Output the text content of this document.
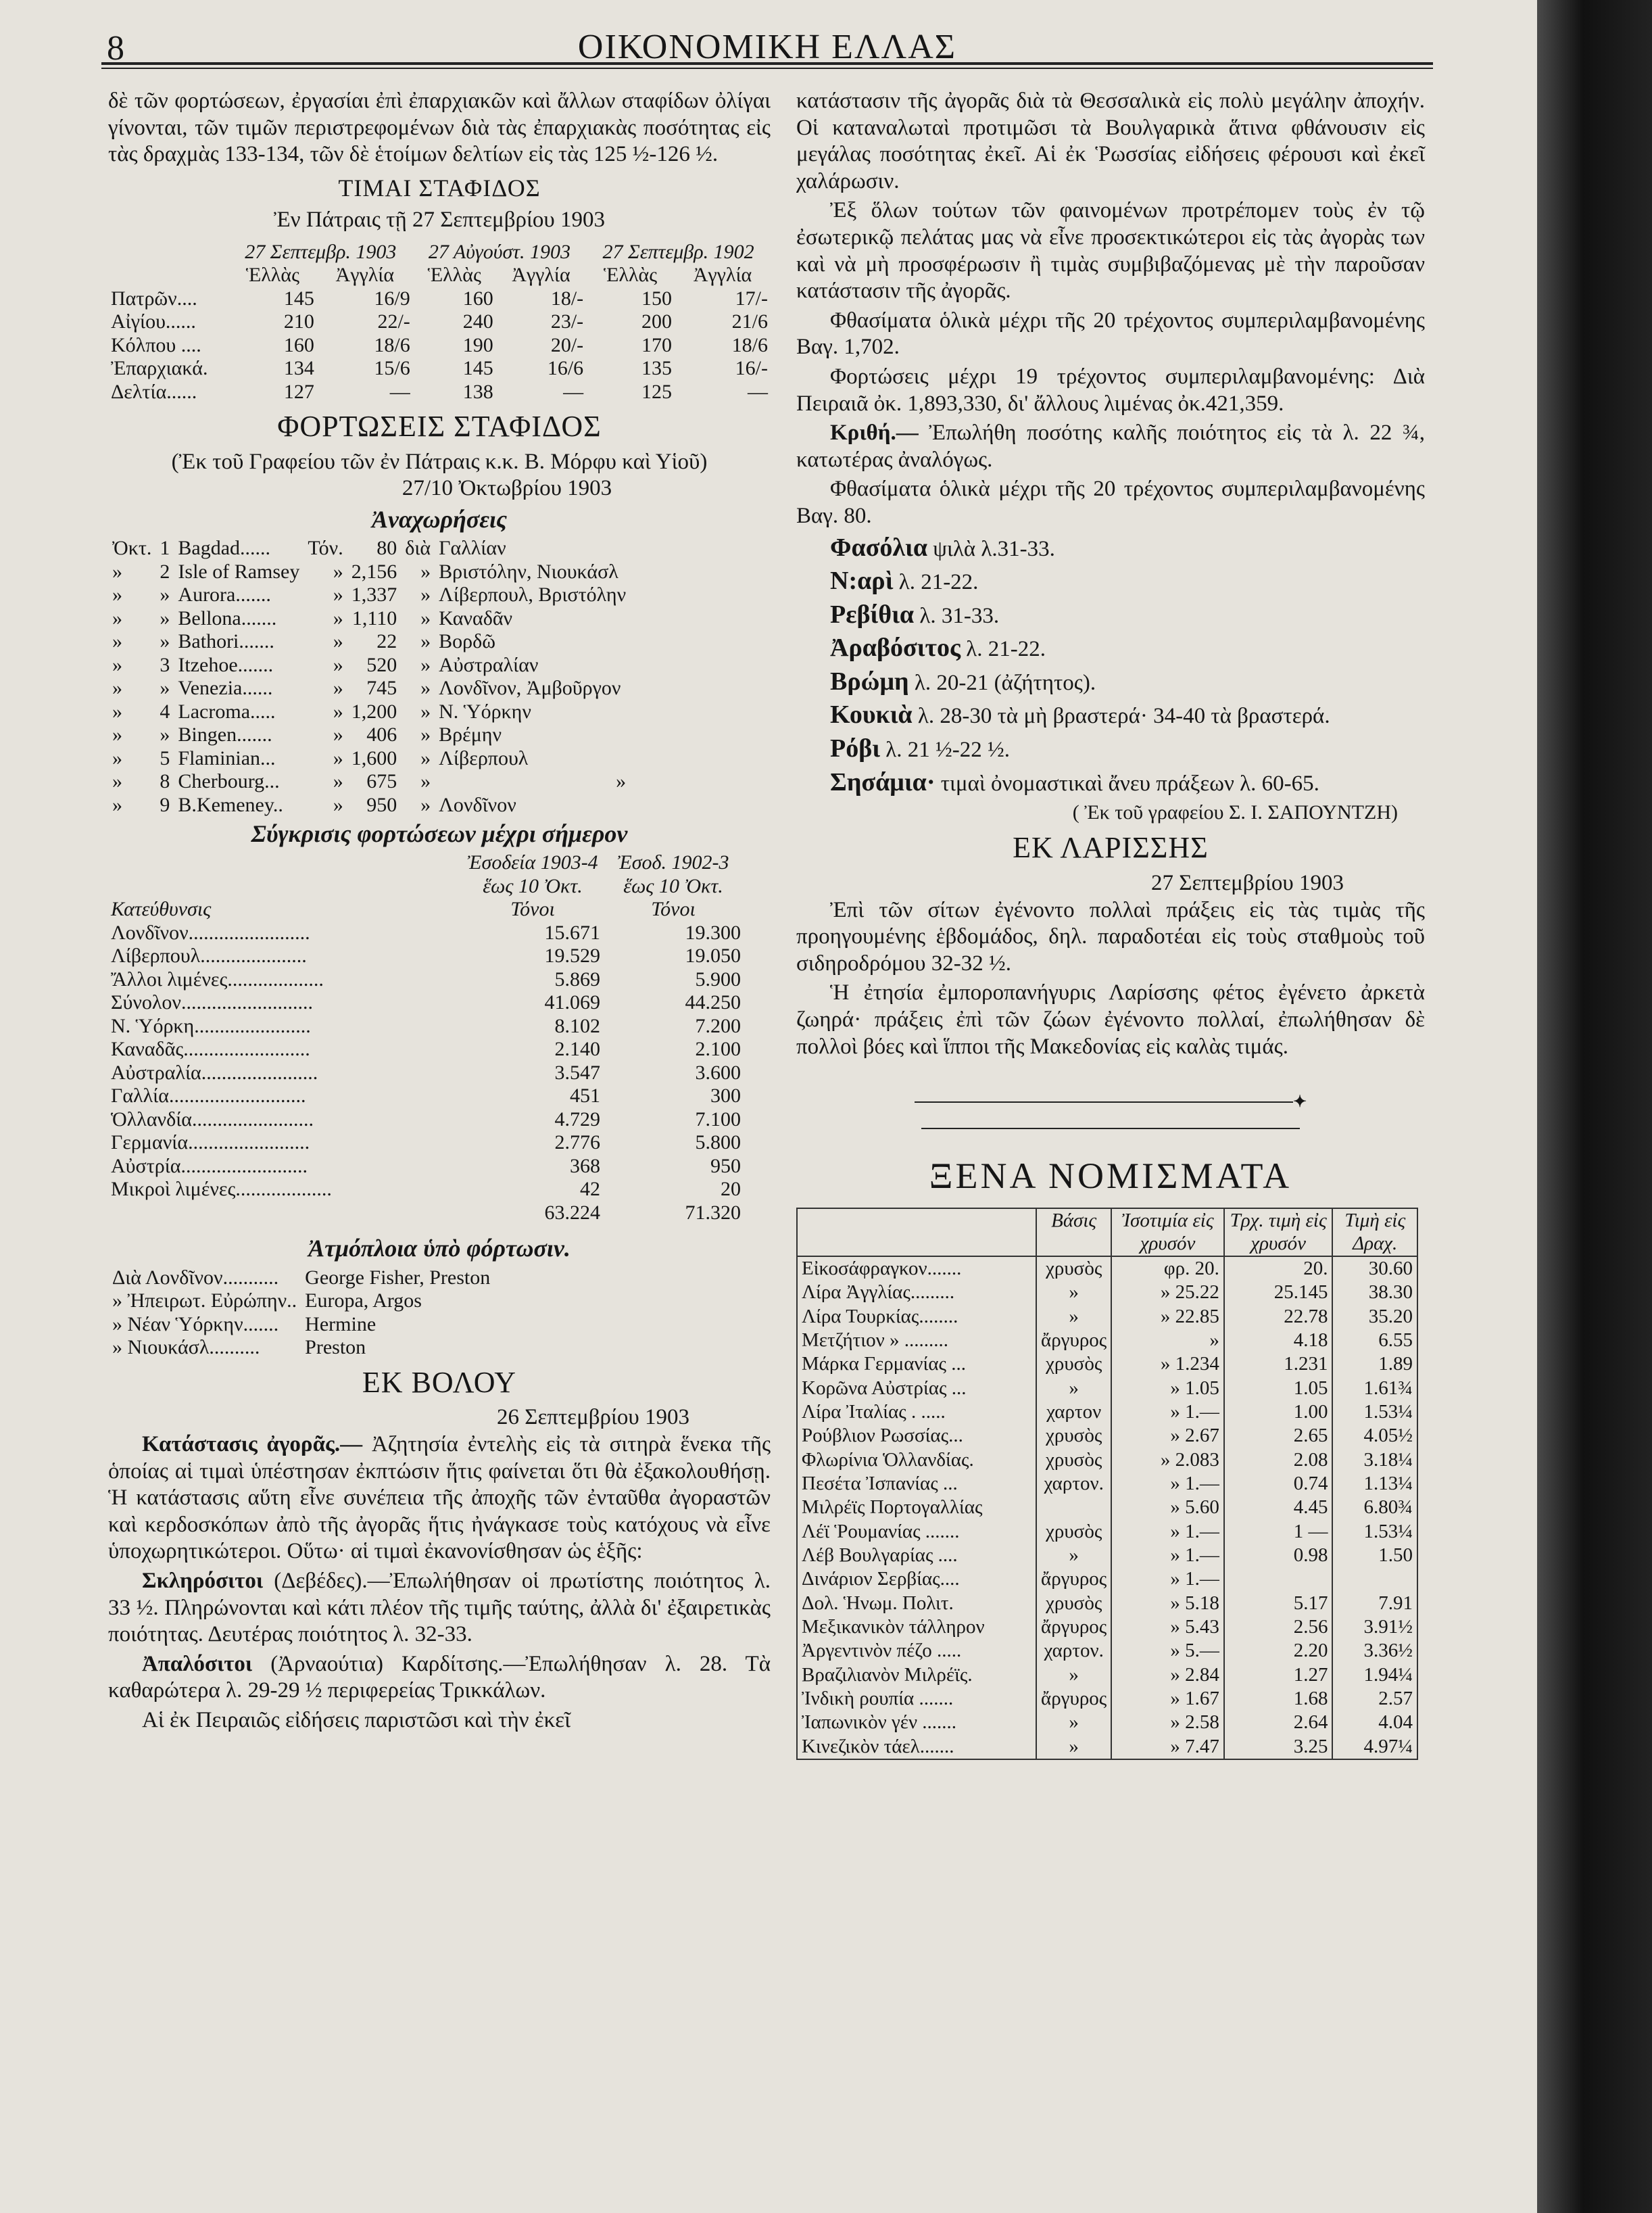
8	ΟΙΚΟΝΟΜΙΚΗ ΕΛΛΑΣ

δὲ τῶν φορτώσεων, ἐργασίαι ἐπὶ ἐπαρχιακῶν καὶ ἄλλων σταφίδων ὀλίγαι γίνονται, τῶν τιμῶν περιστρεφομένων διὰ τὰς ἐπαρχιακὰς ποσότητας εἰς τὰς δραχμὰς 133-134, τῶν δὲ ἑτοίμων δελτίων εἰς τὰς 125 ½-126 ½.

ΤΙΜΑΙ ΣΤΑΦΙΔΟΣ
Ἐν Πάτραις τῇ 27 Σεπτεμβρίου 1903
	27 Σεπτεμβρ. 1903		27 Αὐγούστ. 1903		27 Σεπτεμβρ. 1902	
	Ἑλλὰς	Ἀγγλία	Ἑλλὰς	Ἀγγλία	Ἑλλὰς	Ἀγγλία
Πατρῶν....	145	16/9	160	18/-	150	17/-
Αἰγίου......	210	22/-	240	23/-	200	21/6
Κόλπου ....	160	18/6	190	20/-	170	18/6
Ἐπαρχιακά.	134	15/6	145	16/6	135	16/-
Δελτία......	127	—	138	—	125	—
ΦΟΡΤΩΣΕΙΣ ΣΤΑΦΙΔΟΣ
(Ἐκ τοῦ Γραφείου τῶν ἐν Πάτραις κ.κ. Β. Μόρφυ καὶ Υἱοῦ)
27/10 Ὀκτωβρίου 1903
Ἀναχωρήσεις
Ὀκτ.	1	Bagdad......	Τόν.	80	διὰ	Γαλλίαν
»	2	Isle of Ramsey	»	2,156	»	Βριστόλην, Νιουκάσλ
»	»	Aurora.......	»	1,337	»	Λίβερπουλ, Βριστόλην
»	»	Bellona.......	»	1,110	»	Καναδᾶν
»	»	Bathori.......	»	22	»	Βορδῶ
»	3	Itzehoe.......	»	520	»	Αὐστραλίαν
»	»	Venezia......	»	745	»	Λονδῖνον, Ἀμβοῦργον
»	4	Lacroma.....	»	1,200	»	Ν. Ὑόρκην
»	»	Bingen.......	»	406	»	Βρέμην
»	5	Flaminian...	»	1,600	»	Λίβερπουλ
»	8	Cherbourg...	»	675	»	»
»	9	B.Kemeney..	»	950	»	Λονδῖνον
Σύγκρισις φορτώσεων μέχρι σήμερον
Κατεύθυνσις	Ἐσοδεία 1903-4 ἕως 10 Ὀκτ. Τόνοι	Ἐσοδ. 1902-3 ἕως 10 Ὀκτ. Τόνοι
Λονδῖνον........................	15.671	19.300
Λίβερπουλ.....................	19.529	19.050
Ἄλλοι λιμένες...................	5.869	5.900
Σύνολον..........................	41.069	44.250
Ν. Ὑόρκη.......................	8.102	7.200
Καναδᾶς.........................	2.140	2.100
Αὐστραλία.......................	3.547	3.600
Γαλλία...........................	451	300
Ὁλλανδία........................	4.729	7.100
Γερμανία........................	2.776	5.800
Αὐστρία.........................	368	950
Μικροὶ λιμένες...................	42	20
	63.224	71.320
Ἀτμόπλοια ὑπὸ φόρτωσιν.
Διὰ Λονδῖνον...........	George Fisher, Preston
» Ἠπειρωτ. Εὐρώπην..	Europa, Argos
» Νέαν Ὑόρκην.......	Hermine
» Νιουκάσλ..........	Preston
ΕΚ ΒΟΛΟΥ
26 Σεπτεμβρίου 1903

Κατάστασις ἀγορᾶς.— Ἀζητησία ἐντελὴς εἰς τὰ σιτηρὰ ἕνεκα τῆς ὁποίας αἱ τιμαὶ ὑπέστησαν ἐκπτώσιν ἥτις φαίνεται ὅτι θὰ ἐξακολουθήσῃ. Ἡ κατάστασις αὕτη εἶνε συνέπεια τῆς ἀποχῆς τῶν ἐνταῦθα ἀγοραστῶν καὶ κερδοσκόπων ἀπὸ τῆς ἀγορᾶς ἥτις ἠνάγκασε τοὺς κατόχους νὰ εἶνε ὑποχωρητικώτεροι. Οὕτω· αἱ τιμαὶ ἐκανονίσθησαν ὡς ἑξῆς:

Σκληρόσιτοι (Δεβέδες).—Ἐπωλήθησαν οἱ πρωτίστης ποιότητος λ. 33 ½. Πληρώνονται καὶ κάτι πλέον τῆς τιμῆς ταύτης, ἀλλὰ δι' ἐξαιρετικὰς ποιότητας. Δευτέρας ποιότητος λ. 32-33.

Ἀπαλόσιτοι (Ἀρναούτια) Καρδίτσης.—Ἐπωλήθησαν λ. 28. Τὰ καθαρώτερα λ. 29-29 ½ περιφερείας Τρικκάλων.

Αἱ ἐκ Πειραιῶς εἰδήσεις παριστῶσι καὶ τὴν ἐκεῖ

κατάστασιν τῆς ἀγορᾶς διὰ τὰ Θεσσαλικὰ εἰς πολὺ μεγάλην ἀποχήν. Οἱ καταναλωταὶ προτιμῶσι τὰ Βουλγαρικὰ ἅτινα φθάνουσιν εἰς μεγάλας ποσότητας ἐκεῖ. Αἱ ἐκ Ῥωσσίας εἰδήσεις φέρουσι καὶ ἐκεῖ χαλάρωσιν.

Ἐξ ὅλων τούτων τῶν φαινομένων προτρέπομεν τοὺς ἐν τῷ ἐσωτερικῷ πελάτας μας νὰ εἶνε προσεκτικώτεροι εἰς τὰς ἀγορὰς των καὶ νὰ μὴ προσφέρωσιν ἢ τιμὰς συμβιβαζόμενας μὲ τὴν παροῦσαν κατάστασιν τῆς ἀγορᾶς.

Φθασίματα ὁλικὰ μέχρι τῆς 20 τρέχοντος συμπεριλαμβανομένης Βαγ. 1,702.

Φορτώσεις μέχρι 19 τρέχοντος συμπεριλαμβανομένης: Διὰ Πειραιᾶ ὀκ. 1,893,330, δι' ἄλλους λιμένας ὀκ.421,359.

Κριθή.— Ἐπωλήθη ποσότης καλῆς ποιότητος εἰς τὰ λ. 22 ¾, κατωτέρας ἀναλόγως.

Φθασίματα ὁλικὰ μέχρι τῆς 20 τρέχοντος συμπεριλαμβανομένης Βαγ. 80.

Φασόλια ψιλὰ λ.31-33.

Ν:αρὶ λ. 21-22.

Ρεβίθια λ. 31-33.

Ἀραβόσιτος λ. 21-22.

Βρώμη λ. 20-21 (ἀζήτητος).

Κουκιὰ λ. 28-30 τὰ μὴ βραστερά· 34-40 τὰ βραστερά.

Ρόβι λ. 21 ½-22 ½.

Σησάμια· τιμαὶ ὀνομαστικαὶ ἄνευ πράξεων λ. 60-65.

( Ἐκ τοῦ γραφείου Σ. Ι. ΣΑΠΟΥΝΤΖΗ)
ΕΚ ΛΑΡΙΣΣΗΣ
27 Σεπτεμβρίου 1903

Ἐπὶ τῶν σίτων ἐγένοντο πολλαὶ πράξεις εἰς τὰς τιμὰς τῆς προηγουμένης ἑβδομάδος, δηλ. παραδοτέαι εἰς τοὺς σταθμοὺς τοῦ σιδηροδρόμου 32-32 ½.

Ἡ ἐτησία ἐμποροπανήγυρις Λαρίσσης φέτος ἐγένετο ἀρκετὰ ζωηρά· πράξεις ἐπὶ τῶν ζώων ἐγένοντο πολλαί, ἐπωλήθησαν δὲ πολλοὶ βόες καὶ ἵπποι τῆς Μακεδονίας εἰς καλὰς τιμάς.

✦
ΞΕΝΑ ΝΟΜΙΣΜΑΤΑ
	Βάσις	Ἰσοτιμία εἰς χρυσόν	Τρχ. τιμὴ εἰς χρυσόν	Τιμὴ εἰς Δραχ.
Εἰκοσάφραγκον.......	χρυσὸς	φρ. 20.	20.	30.60
Λίρα Ἀγγλίας.........	»	» 25.22	25.145	38.30
Λίρα Τουρκίας........	»	» 22.85	22.78	35.20
Μετζήτιον » .........	ἄργυρος	»	4.18	6.55
Μάρκα Γερμανίας ...	χρυσὸς	» 1.234	1.231	1.89
Κορῶνα Αὐστρίας ...	»	» 1.05	1.05	1.61¾
Λίρα Ἰταλίας . .....	χαρτον	» 1.—	1.00	1.53¼
Ρούβλιον Ρωσσίας...	χρυσὸς	» 2.67	2.65	4.05½
Φλωρίνια Ὁλλανδίας.	χρυσὸς	» 2.083	2.08	3.18¼
Πεσέτα Ἰσπανίας ...	χαρτον.	» 1.—	0.74	1.13¼
Μιλρέϊς Πορτογαλλίας		» 5.60	4.45	6.80¾
Λέϊ Ῥουμανίας .......	χρυσὸς	» 1.—	1 —	1.53¼
Λέβ Βουλγαρίας ....	»	» 1.—	0.98	1.50
Δινάριον Σερβίας....	ἄργυρος	» 1.—		
Δολ. Ἡνωμ. Πολιτ.	χρυσὸς	» 5.18	5.17	7.91
Μεξικανικὸν τάλληρον	ἄργυρος	» 5.43	2.56	3.91½
Ἀργεντινὸν πέζο .....	χαρτον.	» 5.—	2.20	3.36½
Βραζιλιανὸν Μιλρέϊς.	»	» 2.84	1.27	1.94¼
Ἰνδικὴ ρουπία .......	ἄργυρος	» 1.67	1.68	2.57
Ἰαπωνικὸν γέν .......	»	» 2.58	2.64	4.04
Κινεζικὸν τάελ.......	»	» 7.47	3.25	4.97¼
